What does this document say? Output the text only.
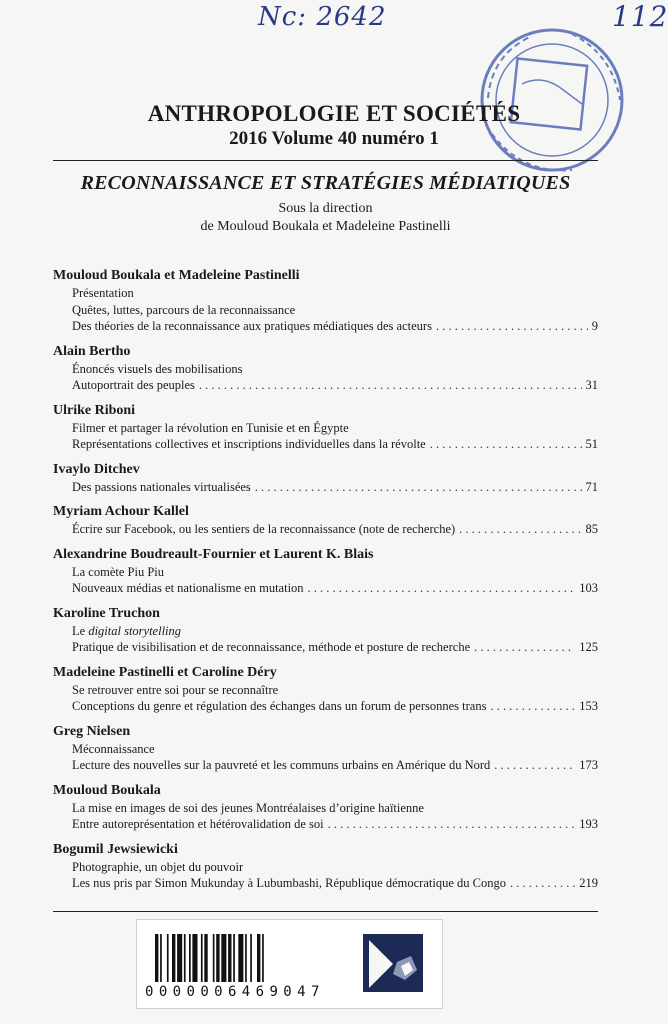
Nc: 2642	112
ANTHROPOLOGIE ET SOCIÉTÉS
2016 Volume 40 numéro 1
RECONNAISSANCE ET STRATÉGIES MÉDIATIQUES
Sous la direction
de Mouloud Boukala et Madeleine Pastinelli
Mouloud Boukala et Madeleine Pastinelli
Présentation
Quêtes, luttes, parcours de la reconnaissance
Des théories de la reconnaissance aux pratiques médiatiques des acteurs . . .	9
Alain Bertho
Énoncés visuels des mobilisations
Autoportrait des peuples . . .	31
Ulrike Riboni
Filmer et partager la révolution en Tunisie et en Égypte
Représentations collectives et inscriptions individuelles dans la révolte . . .	51
Ivaylo Ditchev
Des passions nationales virtualisées . . .	71
Myriam Achour Kallel
Écrire sur Facebook, ou les sentiers de la reconnaissance (note de recherche) . . .	85
Alexandrine Boudreault-Fournier et Laurent K. Blais
La comète Piu Piu
Nouveaux médias et nationalisme en mutation . . .	103
Karoline Truchon
Le digital storytelling
Pratique de visibilisation et de reconnaissance, méthode et posture de recherche . . .	125
Madeleine Pastinelli et Caroline Déry
Se retrouver entre soi pour se reconnaître
Conceptions du genre et régulation des échanges dans un forum de personnes trans . . .	153
Greg Nielsen
Méconnaissance
Lecture des nouvelles sur la pauvreté et les communs urbains en Amérique du Nord . . .	173
Mouloud Boukala
La mise en images de soi des jeunes Montréalaises d’origine haïtienne
Entre autoreprésentation et hétérovalidation de soi . . .	193
Bogumil Jewsiewicki
Photographie, un objet du pouvoir
Les nus pris par Simon Mukunday à Lubumbashi, République démocratique du Congo . . .	219
0000006469047
